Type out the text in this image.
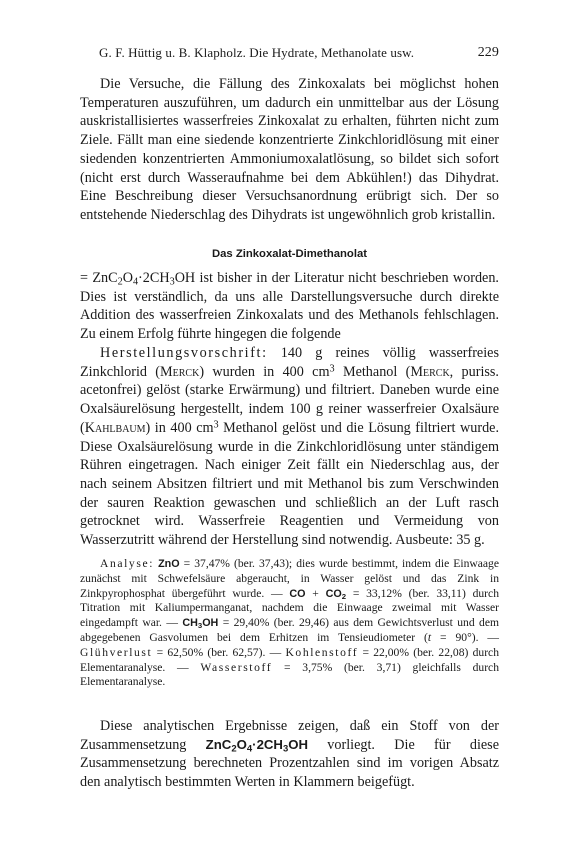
G. F. Hüttig u. B. Klapholz. Die Hydrate, Methanolate usw.	229

Die Versuche, die Fällung des Zinkoxalats bei möglichst hohen Temperaturen auszuführen, um dadurch ein unmittelbar aus der Lösung auskristallisiertes wasserfreies Zinkoxalat zu erhalten, führten nicht zum Ziele. Fällt man eine siedende konzentrierte Zinkchloridlösung mit einer siedenden konzentrierten Ammoniumoxalatlösung, so bildet sich sofort (nicht erst durch Wasseraufnahme bei dem Abkühlen!) das Dihydrat. Eine Beschreibung dieser Versuchsanordnung erübrigt sich. Der so entstehende Niederschlag des Dihydrats ist ungewöhnlich grob kristallin.

Das Zinkoxalat-Dimethanolat

= $ZnC_2O_4\cdot 2CH_3OH$ ist bisher in der Literatur nicht beschrieben worden. Dies ist verständlich, da uns alle Darstellungsversuche durch direkte Addition des wasserfreien Zinkoxalats und des Methanols fehlschlagen. Zu einem Erfolg führte hingegen die folgende

Herstellungsvorschrift: 140 g reines völlig wasserfreies Zinkchlorid (Merck) wurden in 400 $cm^3$ Methanol (Merck, puriss. acetonfrei) gelöst (starke Erwärmung) und filtriert. Daneben wurde eine Oxalsäurelösung hergestellt, indem 100 g reiner wasserfreier Oxalsäure (Kahlbaum) in 400 $cm^3$ Methanol gelöst und die Lösung filtriert wurde. Diese Oxalsäurelösung wurde in die Zinkchloridlösung unter ständigem Rühren eingetragen. Nach einiger Zeit fällt ein Niederschlag aus, der nach seinem Absitzen filtriert und mit Methanol bis zum Verschwinden der sauren Reaktion gewaschen und schließlich an der Luft rasch getrocknet wird. Wasserfreie Reagentien und Vermeidung von Wasserzutritt während der Herstellung sind notwendig. Ausbeute: 35 g.

Analyse: ZnO = 37,47% (ber. 37,43); dies wurde bestimmt, indem die Einwaage zunächst mit Schwefelsäure abgeraucht, in Wasser gelöst und das Zink in Zinkpyrophosphat übergeführt wurde. — CO + $CO_2 = 33,12\%$ (ber. 33,11) durch Titration mit Kaliumpermanganat, nachdem die Einwaage zweimal mit Wasser eingedampft war. — $CH_3OH = 29,40\%$ (ber. 29,46) aus dem Gewichtsverlust und dem abgegebenen Gasvolumen bei dem Erhitzen im Tensieudiometer (t = 90°). — Glühverlust = 62,50% (ber. 62,57). — Kohlenstoff = 22,00% (ber. 22,08) durch Elementaranalyse. — Wasserstoff = 3,75% (ber. 3,71) gleichfalls durch Elementaranalyse.

Diese analytischen Ergebnisse zeigen, daß ein Stoff von der Zusammensetzung $ZnC_2O_4\cdot 2CH_3OH$ vorliegt. Die für diese Zusammensetzung berechneten Prozentzahlen sind im vorigen Absatz den analytisch bestimmten Werten in Klammern beigefügt.
